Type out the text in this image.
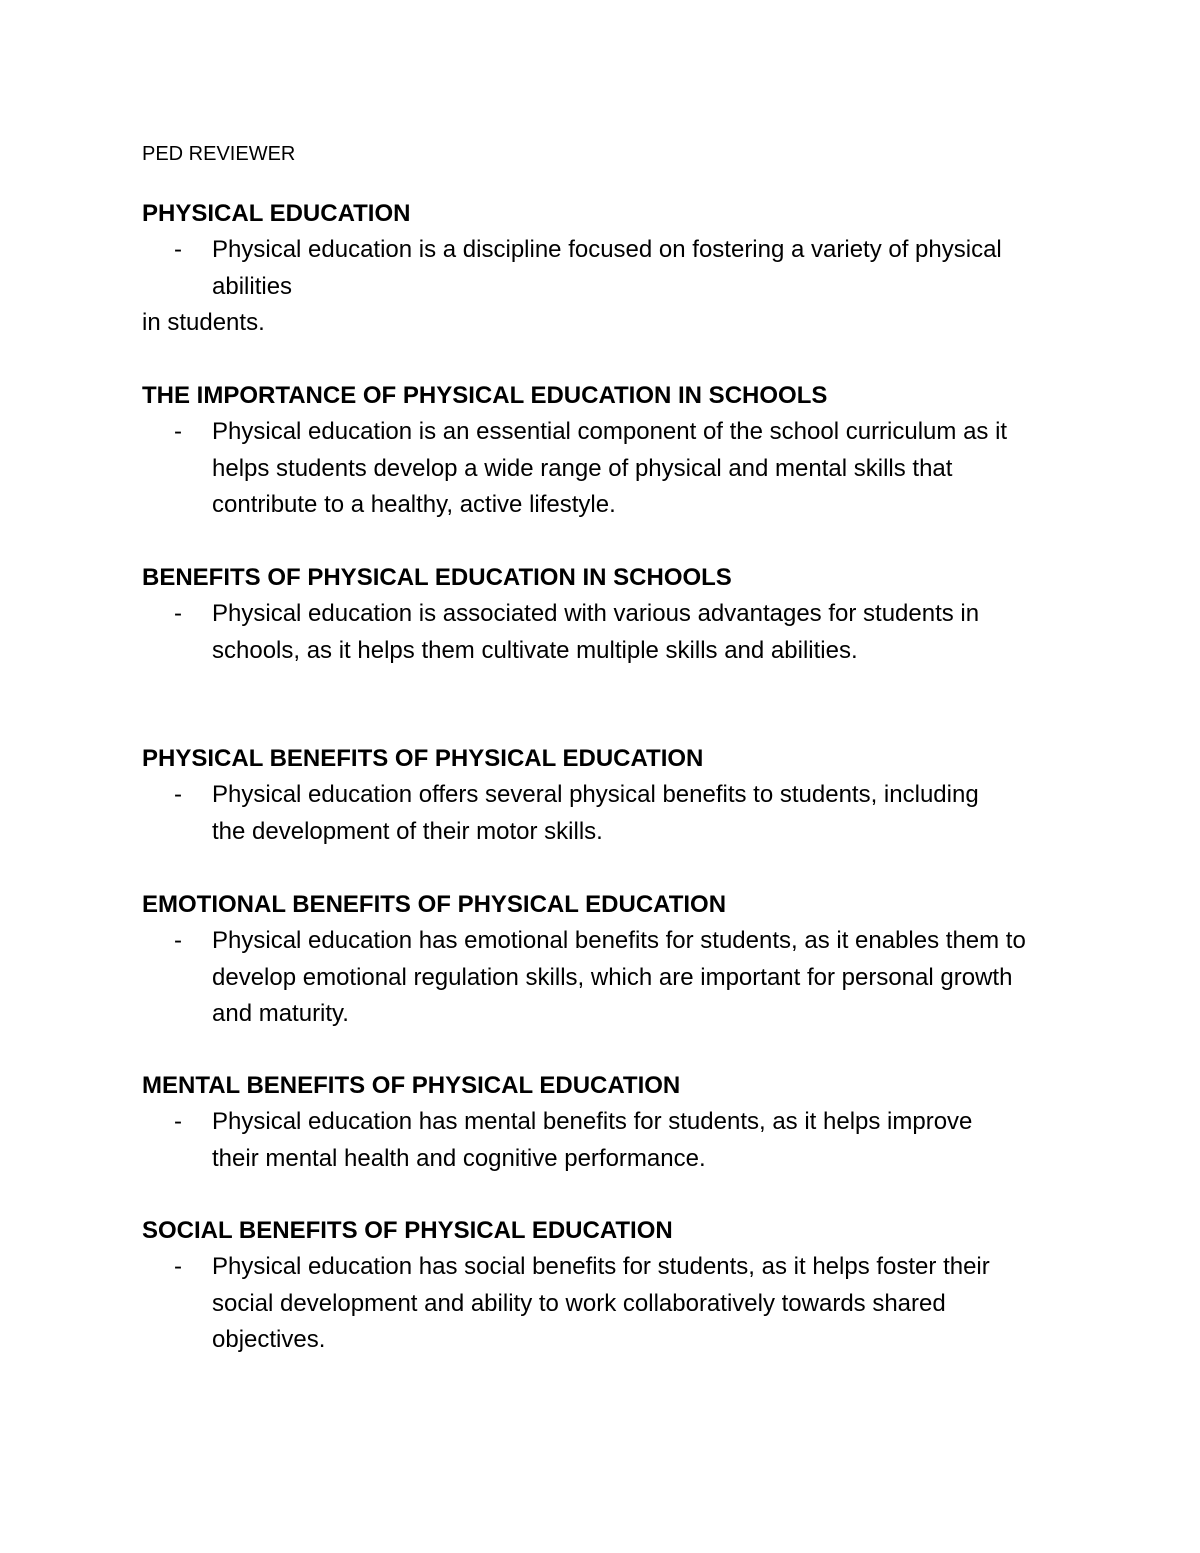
PED REVIEWER

PHYSICAL EDUCATION

- Physical education is a discipline focused on fostering a variety of physical abilities

in students.

THE IMPORTANCE OF PHYSICAL EDUCATION IN SCHOOLS

- Physical education is an essential component of the school curriculum as it helps students develop a wide range of physical and mental skills that contribute to a healthy, active lifestyle.

BENEFITS OF PHYSICAL EDUCATION IN SCHOOLS

- Physical education is associated with various advantages for students in schools, as it helps them cultivate multiple skills and abilities.

PHYSICAL BENEFITS OF PHYSICAL EDUCATION

- Physical education offers several physical benefits to students, including the development of their motor skills.

EMOTIONAL BENEFITS OF PHYSICAL EDUCATION

- Physical education has emotional benefits for students, as it enables them to develop emotional regulation skills, which are important for personal growth and maturity.

MENTAL BENEFITS OF PHYSICAL EDUCATION

- Physical education has mental benefits for students, as it helps improve their mental health and cognitive performance.

SOCIAL BENEFITS OF PHYSICAL EDUCATION

- Physical education has social benefits for students, as it helps foster their social development and ability to work collaboratively towards shared objectives.
